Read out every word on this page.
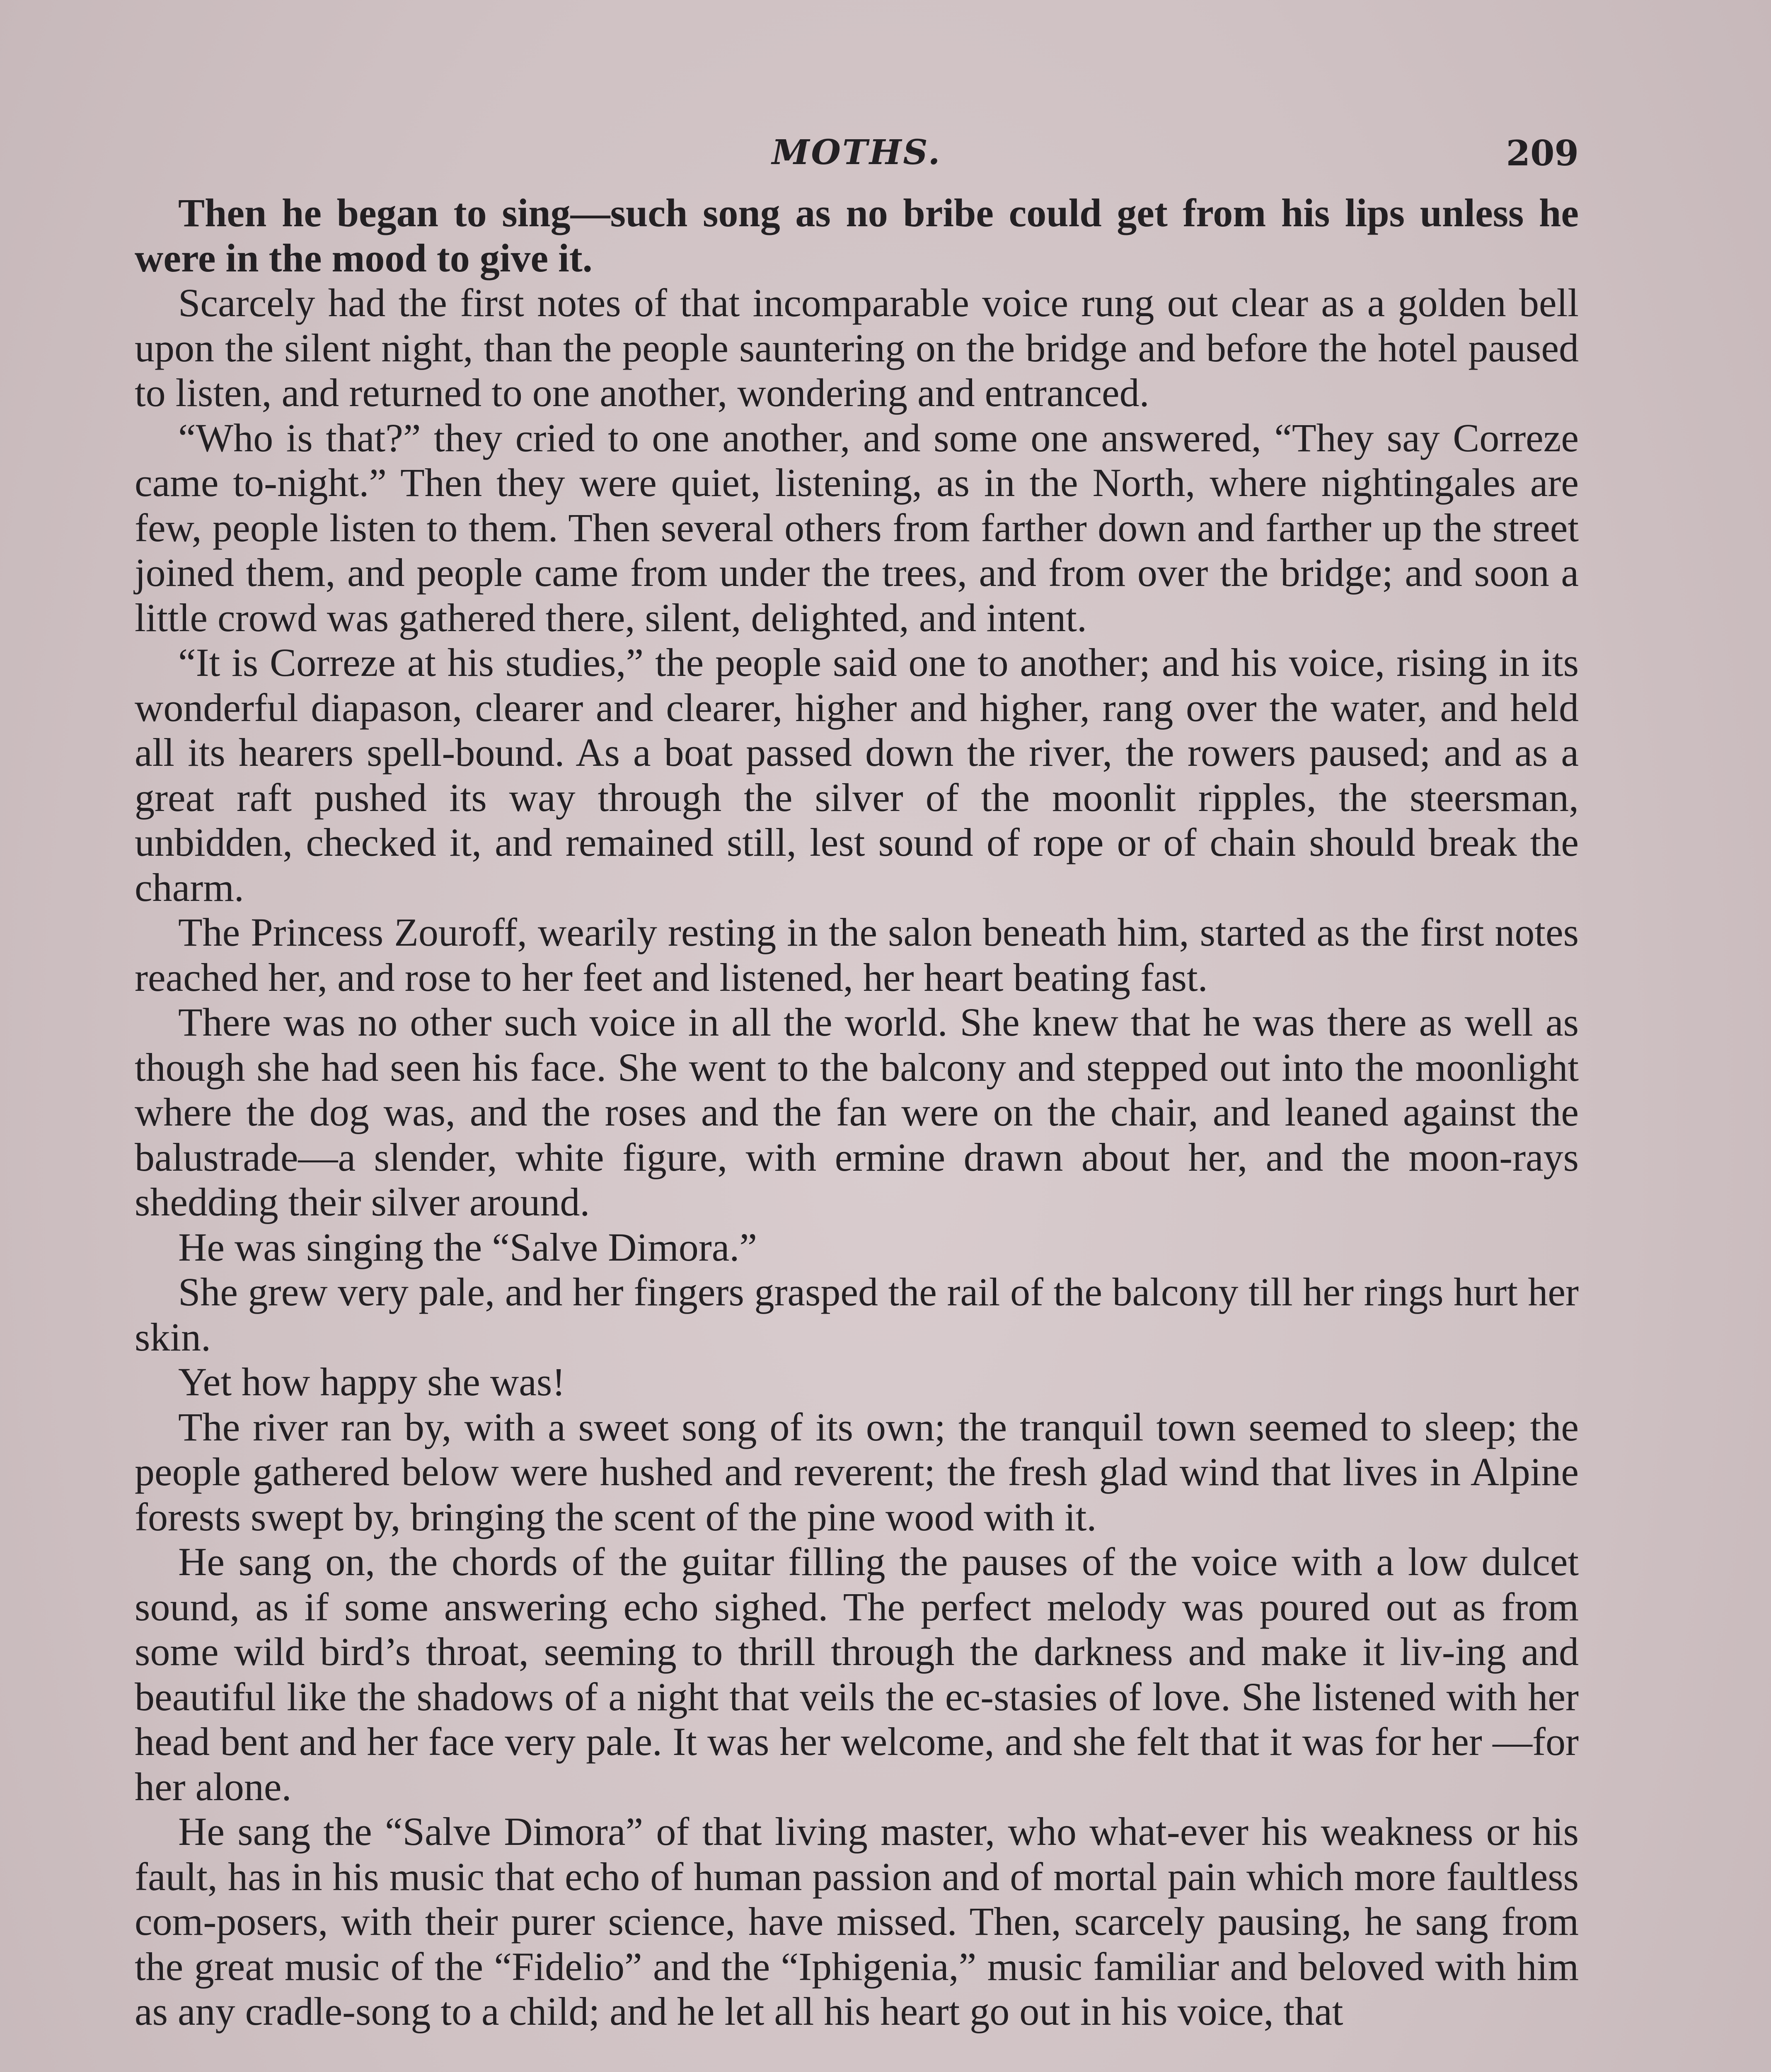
MOTHS.	209

Then he began to sing—such song as no bribe could get from his lips unless he were in the mood to give it.

Scarcely had the first notes of that incomparable voice rung out clear as a golden bell upon the silent night, than the people sauntering on the bridge and before the hotel paused to listen, and returned to one another, wondering and entranced.

“Who is that?” they cried to one another, and some one answered, “They say Correze came to-night.” Then they were quiet, listening, as in the North, where nightingales are few, people listen to them. Then several others from farther down and farther up the street joined them, and people came from under the trees, and from over the bridge; and soon a little crowd was gathered there, silent, delighted, and intent.

“It is Correze at his studies,” the people said one to another; and his voice, rising in its wonderful diapason, clearer and clearer, higher and higher, rang over the water, and held all its hearers spell-bound. As a boat passed down the river, the rowers paused; and as a great raft pushed its way through the silver of the moonlit ripples, the steersman, unbidden, checked it, and remained still, lest sound of rope or of chain should break the charm.

The Princess Zouroff, wearily resting in the salon beneath him, started as the first notes reached her, and rose to her feet and listened, her heart beating fast.

There was no other such voice in all the world. She knew that he was there as well as though she had seen his face. She went to the balcony and stepped out into the moonlight where the dog was, and the roses and the fan were on the chair, and leaned against the balustrade—a slender, white figure, with ermine drawn about her, and the moon-rays shedding their silver around.

He was singing the “Salve Dimora.”

She grew very pale, and her fingers grasped the rail of the balcony till her rings hurt her skin.

Yet how happy she was!

The river ran by, with a sweet song of its own; the tranquil town seemed to sleep; the people gathered below were hushed and reverent; the fresh glad wind that lives in Alpine forests swept by, bringing the scent of the pine wood with it.

He sang on, the chords of the guitar filling the pauses of the voice with a low dulcet sound, as if some answering echo sighed. The perfect melody was poured out as from some wild bird’s throat, seeming to thrill through the darkness and make it liv-ing and beautiful like the shadows of a night that veils the ec-stasies of love. She listened with her head bent and her face very pale. It was her welcome, and she felt that it was for her —for her alone.

He sang the “Salve Dimora” of that living master, who what-ever his weakness or his fault, has in his music that echo of human passion and of mortal pain which more faultless com-posers, with their purer science, have missed. Then, scarcely pausing, he sang from the great music of the “Fidelio” and the “Iphigenia,” music familiar and beloved with him as any cradle-song to a child; and he let all his heart go out in his voice, that
